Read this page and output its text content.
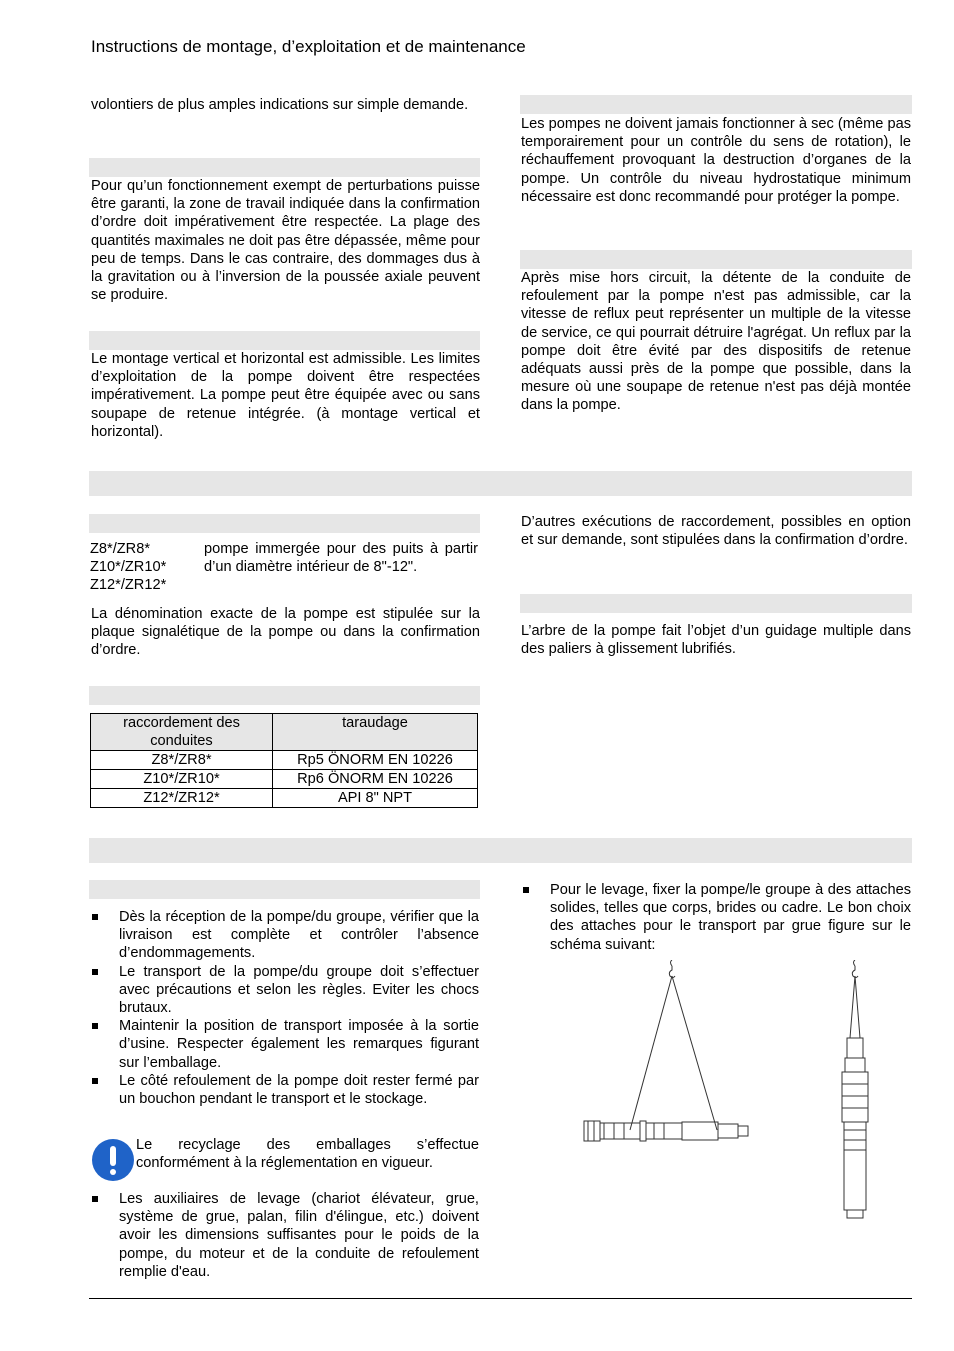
Instructions de montage, d’exploitation et de maintenance

volontiers de plus amples indications sur simple demande.

Pour qu’un fonctionnement exempt de perturbations puisse être garanti, la zone de travail indiquée dans la confirmation d’ordre doit impérativement être respectée. La plage des quantités maximales ne doit pas être dépassée, même pour peu de temps. Dans le cas contraire, des dommages dus à la gravitation ou à l’inversion de la poussée axiale peuvent se produire.

Le montage vertical et horizontal est admissible. Les limites d’exploitation de la pompe doivent être respectées impérativement. La pompe peut être équipée avec ou sans soupape de retenue intégrée. (à montage vertical et horizontal).

Z8*/ZR8*
Z10*/ZR10*
Z12*/ZR12*
pompe immergée pour des puits à partir d’un diamètre intérieur de 8"-12".

La dénomination exacte de la pompe est stipulée sur la plaque signalétique de la pompe ou dans la confirmation d’ordre.

raccordement des conduites	taraudage
Z8*/ZR8*	Rp5 ÖNORM EN 10226
Z10*/ZR10*	Rp6 ÖNORM EN 10226
Z12*/ZR12*	API 8" NPT
Dès la réception de la pompe/du groupe, vérifier que la livraison est complète et contrôler l’absence d’endommagements.
Le transport de la pompe/du groupe doit s’effectuer avec précautions et selon les règles. Eviter les chocs brutaux.
Maintenir la position de transport imposée à la sortie d’usine. Respecter également les remarques figurant sur l’emballage.
Le côté refoulement de la pompe doit rester fermé par un bouchon pendant le transport et le stockage.
Le recyclage des emballages s’effectue conformément à la réglementation en vigueur.
Les auxiliaires de levage (chariot élévateur, grue, système de grue, palan, filin d'élingue, etc.) doivent avoir les dimensions suffisantes pour le poids de la pompe, du moteur et de la conduite de refoulement remplie d'eau.

Les pompes ne doivent jamais fonctionner à sec (même pas temporairement pour un contrôle du sens de rotation), le réchauffement provoquant la destruction d’organes de la pompe. Un contrôle du niveau hydrostatique minimum nécessaire est donc recommandé pour protéger la pompe.

Après mise hors circuit, la détente de la conduite de refoulement par la pompe n'est pas admissible, car la vitesse de reflux peut représenter un multiple de la vitesse de service, ce qui pourrait détruire l'agrégat. Un reflux par la pompe doit être évité par des dispositifs de retenue adéquats aussi près de la pompe que possible, dans la mesure où une soupape de retenue n'est pas déjà montée dans la pompe.

D’autres exécutions de raccordement, possibles en option et sur demande, sont stipulées dans la confirmation d’ordre.

L’arbre de la pompe fait l’objet d’un guidage multiple dans des paliers à glissement lubrifiés.

Pour le levage, fixer la pompe/le groupe à des attaches solides, telles que corps, brides ou cadre. Le bon choix des attaches pour le transport par grue figure sur le schéma suivant:
